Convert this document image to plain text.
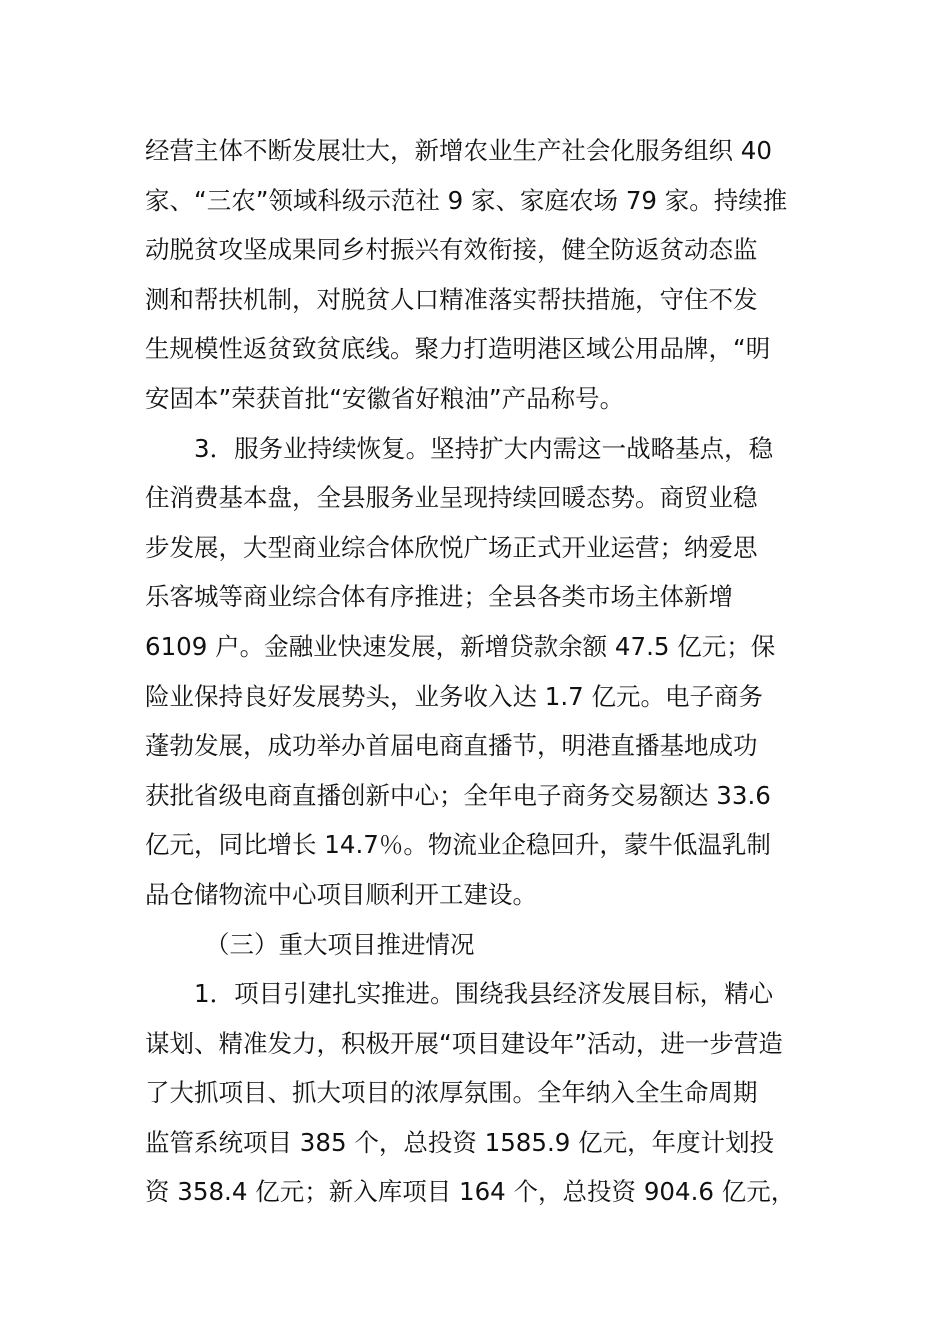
经营主体不断发展壮大，新增农业生产社会化服务组织 40
家、“三农”领域科级示范社 9 家、家庭农场 79 家。持续推
动脱贫攻坚成果同乡村振兴有效衔接，健全防返贫动态监
测和帮扶机制，对脱贫人口精准落实帮扶措施，守住不发
生规模性返贫致贫底线。聚力打造明港区域公用品牌，“明
安固本”荣获首批“安徽省好粮油”产品称号。
3．服务业持续恢复。坚持扩大内需这一战略基点，稳
住消费基本盘，全县服务业呈现持续回暖态势。商贸业稳
步发展，大型商业综合体欣悦广场正式开业运营；纳爱思
乐客城等商业综合体有序推进；全县各类市场主体新增
6109 户。金融业快速发展，新增贷款余额 47.5 亿元；保
险业保持良好发展势头，业务收入达 1.7 亿元。电子商务
蓬勃发展，成功举办首届电商直播节，明港直播基地成功
获批省级电商直播创新中心；全年电子商务交易额达 33.6
亿元，同比增长 14.7％。物流业企稳回升，蒙牛低温乳制
品仓储物流中心项目顺利开工建设。
（三）重大项目推进情况
1．项目引建扎实推进。围绕我县经济发展目标，精心
谋划、精准发力，积极开展“项目建设年”活动，进一步营造
了大抓项目、抓大项目的浓厚氛围。全年纳入全生命周期
监管系统项目 385 个，总投资 1585.9 亿元，年度计划投
资 358.4 亿元；新入库项目 164 个，总投资 904.6 亿元，
